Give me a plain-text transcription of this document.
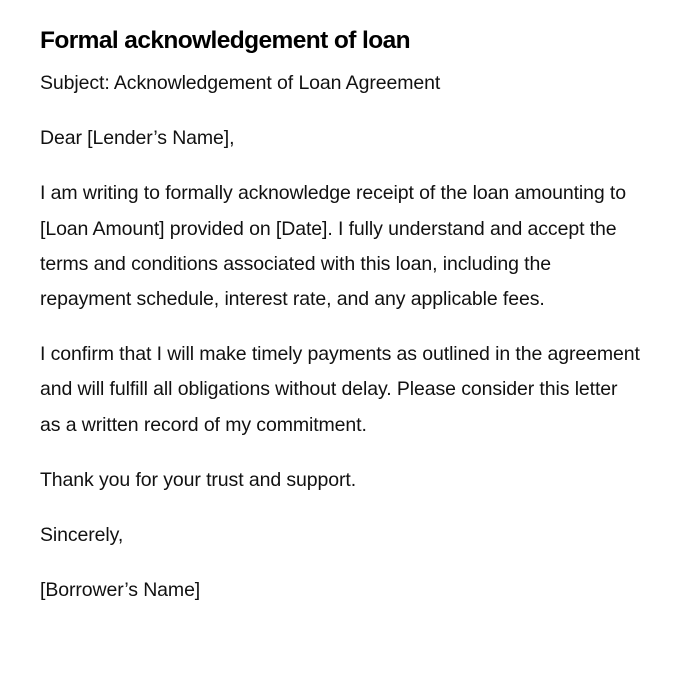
Formal acknowledgement of loan

Subject: Acknowledgement of Loan Agreement

Dear [Lender’s Name],

I am writing to formally acknowledge receipt of the loan amounting to [Loan Amount] provided on [Date]. I fully understand and accept the terms and conditions associated with this loan, including the repayment schedule, interest rate, and any applicable fees.

I confirm that I will make timely payments as outlined in the agreement and will fulfill all obligations without delay. Please consider this letter as a written record of my commitment.

Thank you for your trust and support.

Sincerely,

[Borrower’s Name]
